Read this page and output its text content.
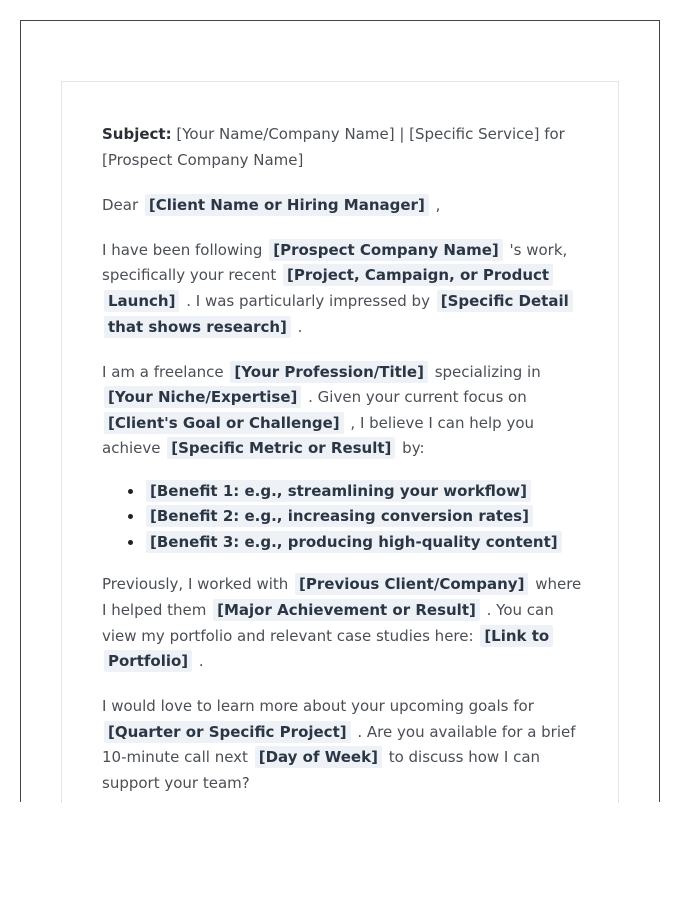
Subject: [Your Name/Company Name] | [Specific Service] for [Prospect Company Name]

Dear [Client Name or Hiring Manager] ,

I have been following [Prospect Company Name] 's work, specifically your recent [Project, Campaign, or Product Launch] . I was particularly impressed by [Specific Detail that shows research] .

I am a freelance [Your Profession/Title] specializing in [Your Niche/Expertise] . Given your current focus on [Client's Goal or Challenge] , I believe I can help you achieve [Specific Metric or Result] by:

• [Benefit 1: e.g., streamlining your workflow]
• [Benefit 2: e.g., increasing conversion rates]
• [Benefit 3: e.g., producing high-quality content]

Previously, I worked with [Previous Client/Company] where I helped them [Major Achievement or Result] . You can view my portfolio and relevant case studies here: [Link to Portfolio] .

I would love to learn more about your upcoming goals for [Quarter or Specific Project] . Are you available for a brief 10-minute call next [Day of Week] to discuss how I can support your team?
